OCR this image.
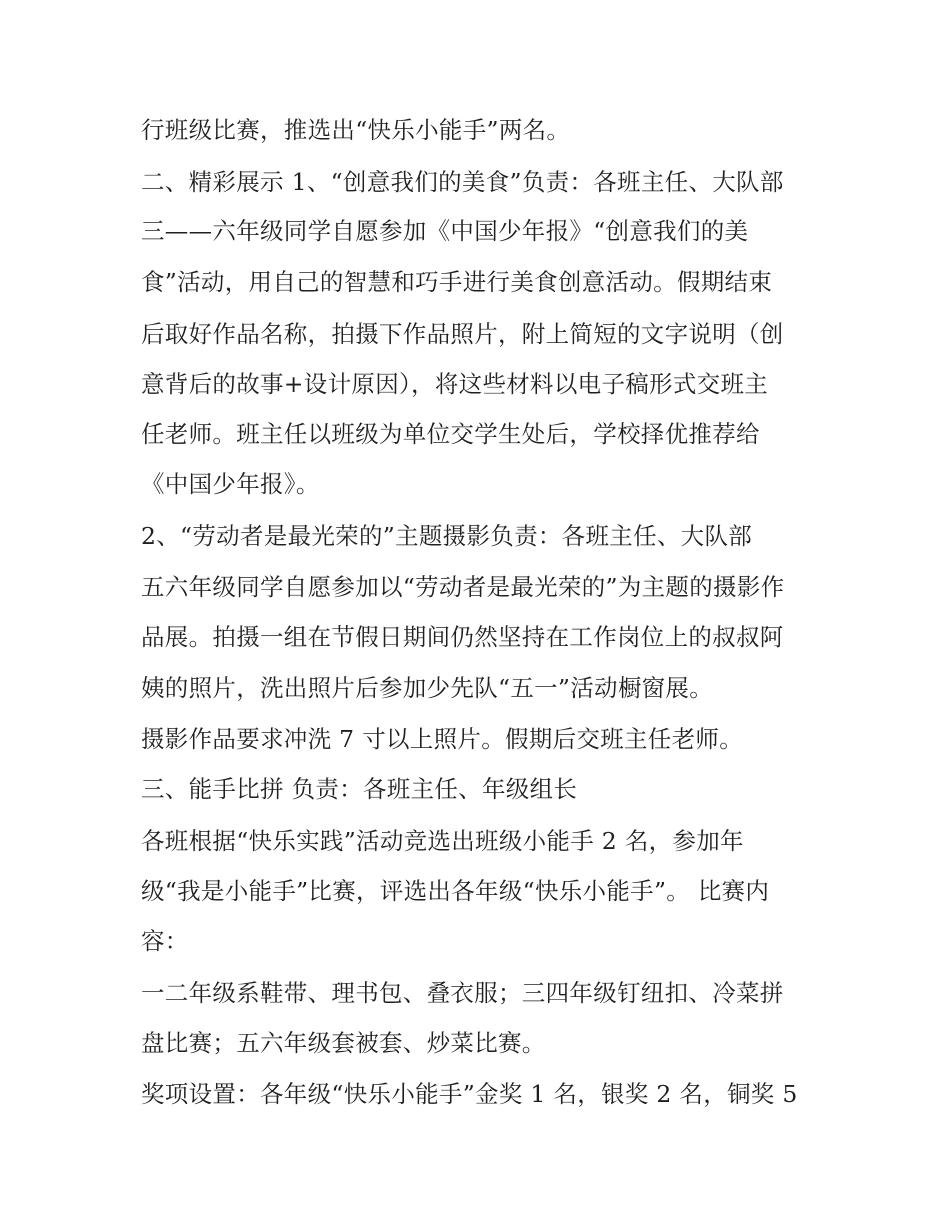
行班级比赛，推选出“快乐小能手”两名。
二、精彩展示 1、“创意我们的美食”负责：各班主任、大队部
三——六年级同学自愿参加《中国少年报》“创意我们的美
食”活动，用自己的智慧和巧手进行美食创意活动。假期结束
后取好作品名称，拍摄下作品照片，附上简短的文字说明（创
意背后的故事+设计原因），将这些材料以电子稿形式交班主
任老师。班主任以班级为单位交学生处后，学校择优推荐给
《中国少年报》。
2、“劳动者是最光荣的”主题摄影负责：各班主任、大队部
五六年级同学自愿参加以“劳动者是最光荣的”为主题的摄影作
品展。拍摄一组在节假日期间仍然坚持在工作岗位上的叔叔阿
姨的照片，洗出照片后参加少先队“五一”活动橱窗展。
摄影作品要求冲洗 7 寸以上照片。假期后交班主任老师。
三、能手比拼 负责：各班主任、年级组长
各班根据“快乐实践”活动竞选出班级小能手 2 名，参加年
级“我是小能手”比赛，评选出各年级“快乐小能手”。 比赛内
容：
一二年级系鞋带、理书包、叠衣服；三四年级钉纽扣、冷菜拼
盘比赛；五六年级套被套、炒菜比赛。
奖项设置：各年级“快乐小能手”金奖 1 名，银奖 2 名，铜奖 5
